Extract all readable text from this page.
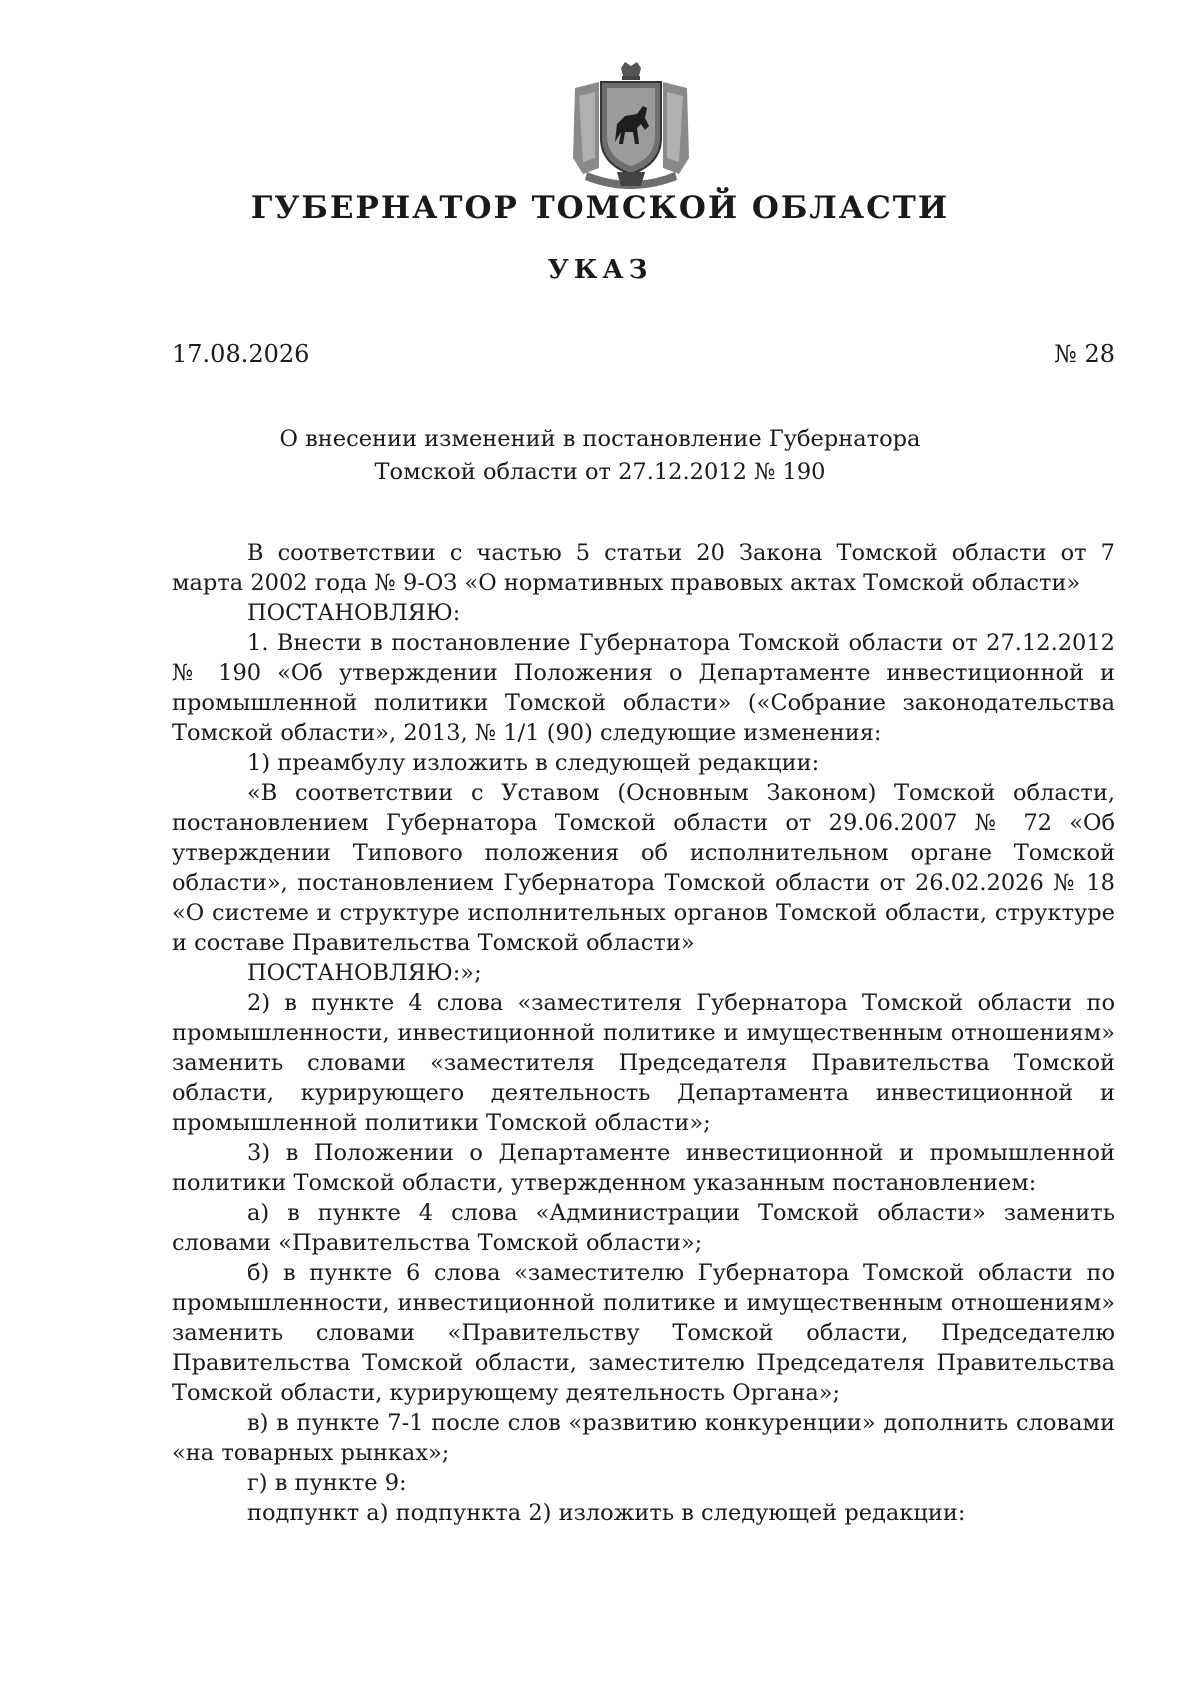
ГУБЕРНАТОР ТОМСКОЙ ОБЛАСТИ
УКАЗ
17.08.2026	№ 28
О внесении изменений в постановление Губернатора
Томской области от 27.12.2012 № 190

В соответствии с частью 5 статьи 20 Закона Томской области от 7 марта 2002 года № 9-ОЗ «О нормативных правовых актах Томской области»

ПОСТАНОВЛЯЮ:

1. Внести в постановление Губернатора Томской области от 27.12.2012 № 190 «Об утверждении Положения о Департаменте инвестиционной и промышленной политики Томской области» («Собрание законодательства Томской области», 2013, № 1/1 (90) следующие изменения:

1) преамбулу изложить в следующей редакции:

«В соответствии с Уставом (Основным Законом) Томской области, постановлением Губернатора Томской области от 29.06.2007 № 72 «Об утверждении Типового положения об исполнительном органе Томской области», постановлением Губернатора Томской области от 26.02.2026 № 18 «О системе и структуре исполнительных органов Томской области, структуре и составе Правительства Томской области»

ПОСТАНОВЛЯЮ:»;

2) в пункте 4 слова «заместителя Губернатора Томской области по промышленности, инвестиционной политике и имущественным отношениям» заменить словами «заместителя Председателя Правительства Томской области, курирующего деятельность Департамента инвестиционной и промышленной политики Томской области»;

3) в Положении о Департаменте инвестиционной и промышленной политики Томской области, утвержденном указанным постановлением:

а) в пункте 4 слова «Администрации Томской области» заменить словами «Правительства Томской области»;

б) в пункте 6 слова «заместителю Губернатора Томской области по промышленности, инвестиционной политике и имущественным отношениям» заменить словами «Правительству Томской области, Председателю Правительства Томской области, заместителю Председателя Правительства Томской области, курирующему деятельность Органа»;

в) в пункте 7-1 после слов «развитию конкуренции» дополнить словами «на товарных рынках»;

г) в пункте 9:

подпункт а) подпункта 2) изложить в следующей редакции:
